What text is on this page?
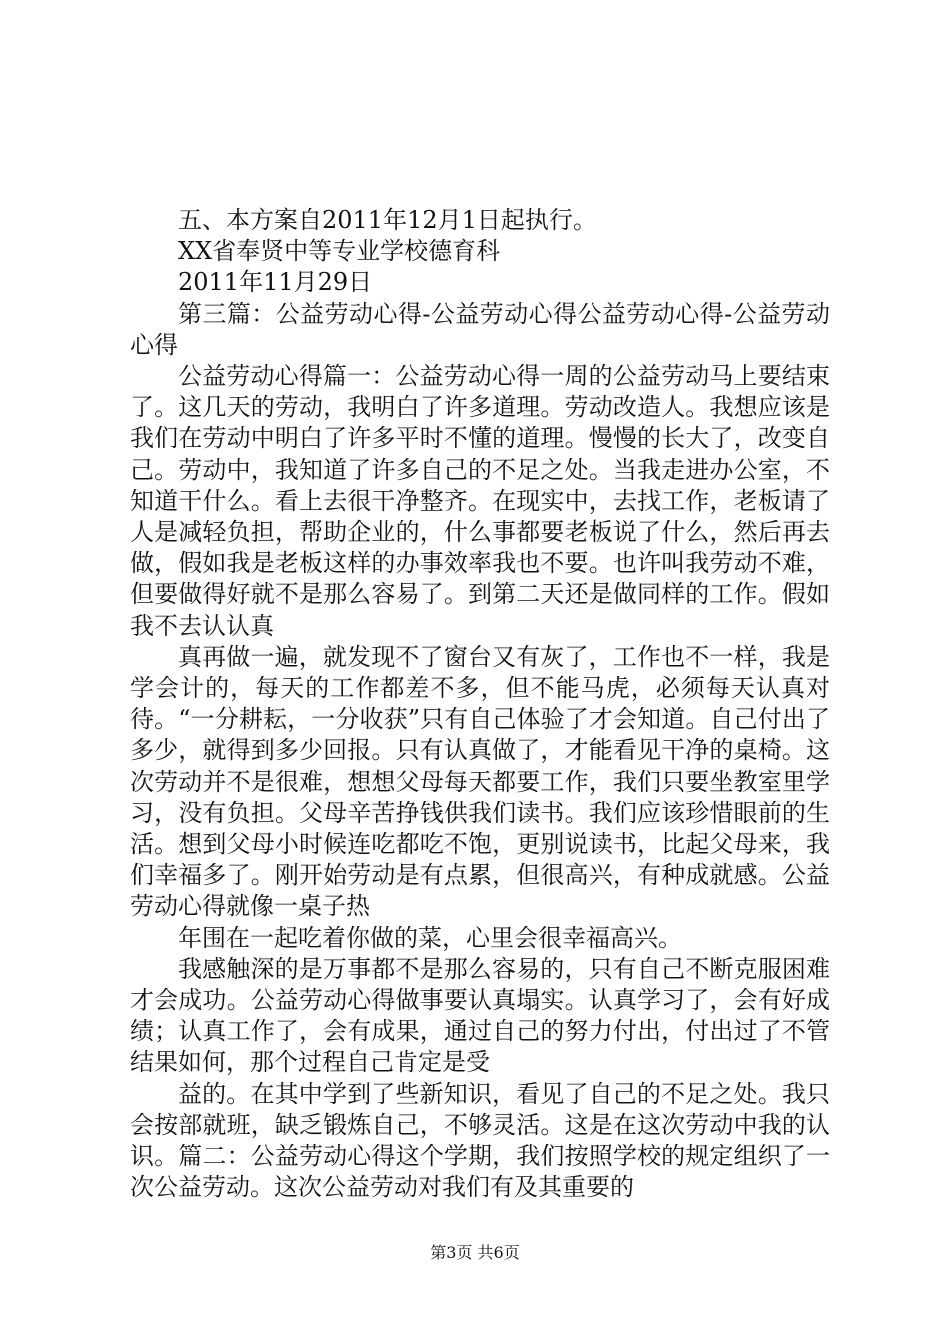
五、本方案自2011年12月1日起执行。

XX省奉贤中等专业学校德育科

2011年11月29日

第三篇：公益劳动心得-公益劳动心得公益劳动心得-公益劳动心得

公益劳动心得篇一：公益劳动心得一周的公益劳动马上要结束了。这几天的劳动，我明白了许多道理。劳动改造人。我想应该是我们在劳动中明白了许多平时不懂的道理。慢慢的长大了，改变自己。劳动中，我知道了许多自己的不足之处。当我走进办公室，不知道干什么。看上去很干净整齐。在现实中，去找工作，老板请了人是减轻负担，帮助企业的，什么事都要老板说了什么，然后再去做，假如我是老板这样的办事效率我也不要。也许叫我劳动不难，但要做得好就不是那么容易了。到第二天还是做同样的工作。假如我不去认认真

真再做一遍，就发现不了窗台又有灰了，工作也不一样，我是学会计的，每天的工作都差不多，但不能马虎，必须每天认真对待。“一分耕耘，一分收获”只有自己体验了才会知道。自己付出了多少，就得到多少回报。只有认真做了，才能看见干净的桌椅。这次劳动并不是很难，想想父母每天都要工作，我们只要坐教室里学习，没有负担。父母辛苦挣钱供我们读书。我们应该珍惜眼前的生活。想到父母小时候连吃都吃不饱，更别说读书，比起父母来，我们幸福多了。刚开始劳动是有点累，但很高兴，有种成就感。公益劳动心得就像一桌子热

年围在一起吃着你做的菜，心里会很幸福高兴。

我感触深的是万事都不是那么容易的，只有自己不断克服困难才会成功。公益劳动心得做事要认真塌实。认真学习了，会有好成绩；认真工作了，会有成果，通过自己的努力付出，付出过了不管结果如何，那个过程自己肯定是受

益的。在其中学到了些新知识，看见了自己的不足之处。我只会按部就班，缺乏锻炼自己，不够灵活。这是在这次劳动中我的认识。篇二：公益劳动心得这个学期，我们按照学校的规定组织了一次公益劳动。这次公益劳动对我们有及其重要的

第3页 共6页
